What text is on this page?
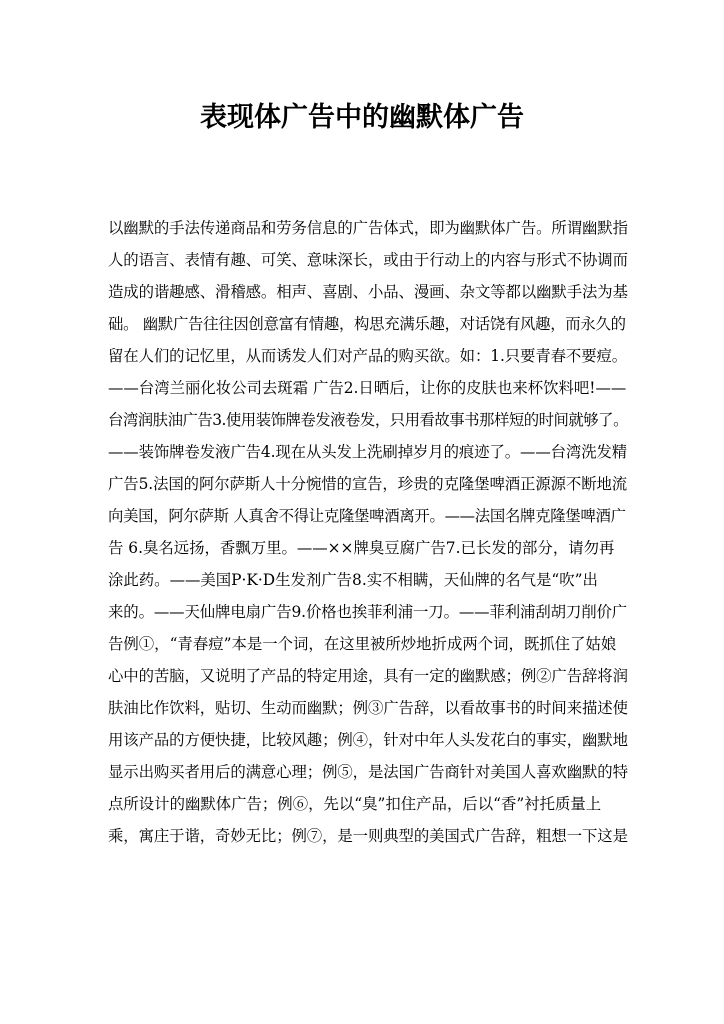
表现体广告中的幽默体广告
以幽默的手法传递商品和劳务信息的广告体式，即为幽默体广告。所谓幽默指
人的语言、表情有趣、可笑、意味深长，或由于行动上的内容与形式不协调而
造成的谐趣感、滑稽感。相声、喜剧、小品、漫画、杂文等都以幽默手法为基
础。 幽默广告往往因创意富有情趣，构思充满乐趣，对话饶有风趣，而永久的
留在人们的记忆里，从而诱发人们对产品的购买欲。如：1.只要青春不要痘。
——台湾兰丽化妆公司去斑霜 广告2.日晒后，让你的皮肤也来杯饮料吧!——
台湾润肤油广告3.使用装饰牌卷发液卷发，只用看故事书那样短的时间就够了。
——装饰牌卷发液广告4.现在从头发上洗刷掉岁月的痕迹了。——台湾洗发精
广告5.法国的阿尔萨斯人十分惋惜的宣告，珍贵的克隆堡啤酒正源源不断地流
向美国，阿尔萨斯 人真舍不得让克隆堡啤酒离开。——法国名牌克隆堡啤酒广
告 6.臭名远扬，香飘万里。——××牌臭豆腐广告7.已长发的部分，请勿再
涂此药。——美国P·K·D生发剂广告8.实不相瞒，天仙牌的名气是“吹”出
来的。——天仙牌电扇广告9.价格也挨菲利浦一刀。——菲利浦刮胡刀削价广
告例①，“青春痘”本是一个词，在这里被所炒地折成两个词，既抓住了姑娘
心中的苦脑，又说明了产品的特定用途，具有一定的幽默感；例②广告辞将润
肤油比作饮料，贴切、生动而幽默；例③广告辞，以看故事书的时间来描述使
用该产品的方便快捷，比较风趣；例④，针对中年人头发花白的事实，幽默地
显示出购买者用后的满意心理；例⑤，是法国广告商针对美国人喜欢幽默的特
点所设计的幽默体广告；例⑥，先以“臭”扣住产品，后以“香”衬托质量上
乘，寓庄于谐，奇妙无比；例⑦，是一则典型的美国式广告辞，粗想一下这是
